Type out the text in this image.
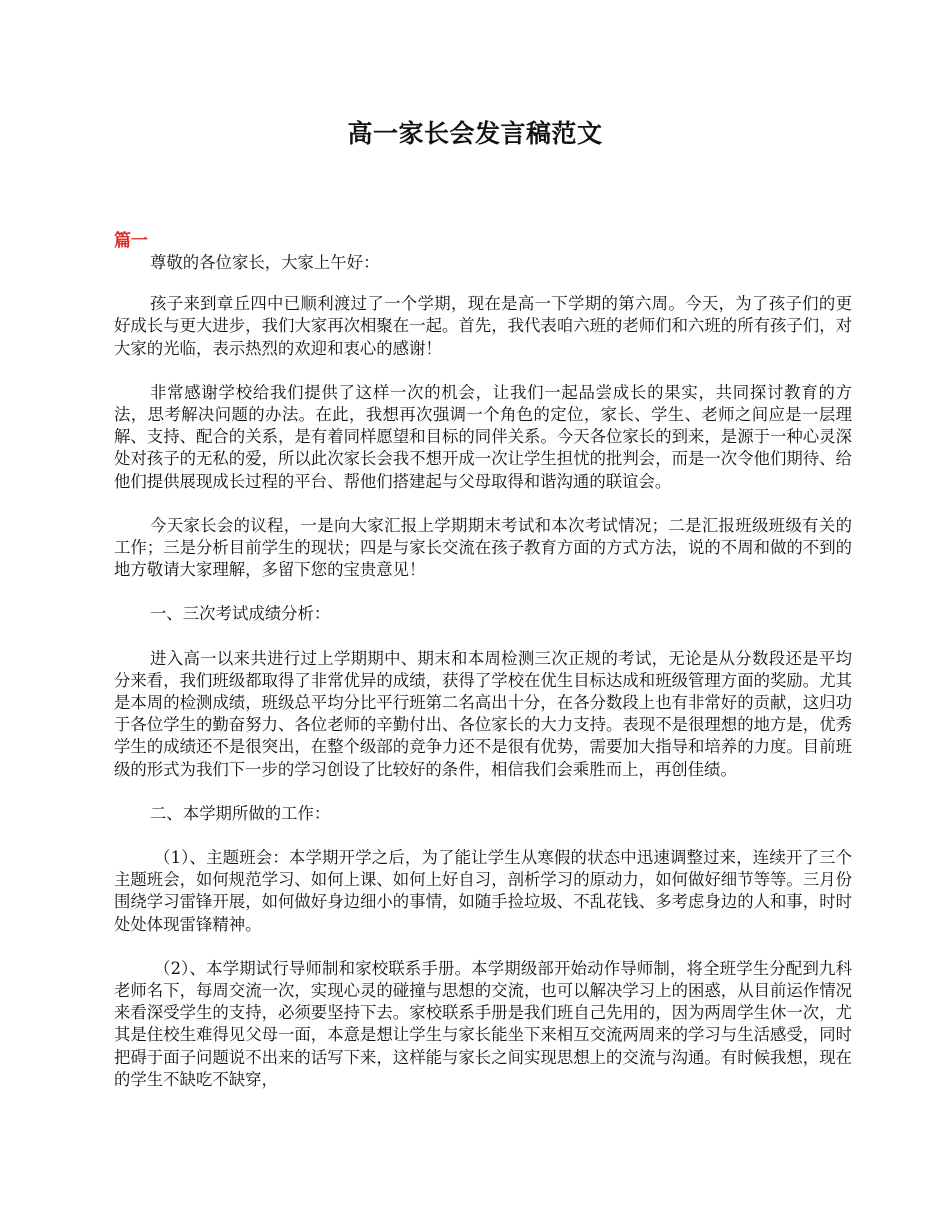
高一家长会发言稿范文

篇一

尊敬的各位家长，大家上午好：

孩子来到章丘四中已顺利渡过了一个学期，现在是高一下学期的第六周。今天，为了孩子们的更好成长与更大进步，我们大家再次相聚在一起。首先，我代表咱六班的老师们和六班的所有孩子们，对大家的光临，表示热烈的欢迎和衷心的感谢！

非常感谢学校给我们提供了这样一次的机会，让我们一起品尝成长的果实，共同探讨教育的方法，思考解决问题的办法。在此，我想再次强调一个角色的定位，家长、学生、老师之间应是一层理解、支持、配合的关系，是有着同样愿望和目标的同伴关系。今天各位家长的到来，是源于一种心灵深处对孩子的无私的爱，所以此次家长会我不想开成一次让学生担忧的批判会，而是一次令他们期待、给他们提供展现成长过程的平台、帮他们搭建起与父母取得和谐沟通的联谊会。

今天家长会的议程，一是向大家汇报上学期期末考试和本次考试情况；二是汇报班级班级有关的工作；三是分析目前学生的现状；四是与家长交流在孩子教育方面的方式方法，说的不周和做的不到的地方敬请大家理解，多留下您的宝贵意见！

一、三次考试成绩分析：

进入高一以来共进行过上学期期中、期末和本周检测三次正规的考试，无论是从分数段还是平均分来看，我们班级都取得了非常优异的成绩，获得了学校在优生目标达成和班级管理方面的奖励。尤其是本周的检测成绩，班级总平均分比平行班第二名高出十分，在各分数段上也有非常好的贡献，这归功于各位学生的勤奋努力、各位老师的辛勤付出、各位家长的大力支持。表现不是很理想的地方是，优秀学生的成绩还不是很突出，在整个级部的竞争力还不是很有优势，需要加大指导和培养的力度。目前班级的形式为我们下一步的学习创设了比较好的条件，相信我们会乘胜而上，再创佳绩。

二、本学期所做的工作：

（1）、主题班会：本学期开学之后，为了能让学生从寒假的状态中迅速调整过来，连续开了三个主题班会，如何规范学习、如何上课、如何上好自习，剖析学习的原动力，如何做好细节等等。三月份围绕学习雷锋开展，如何做好身边细小的事情，如随手捡垃圾、不乱花钱、多考虑身边的人和事，时时处处体现雷锋精神。

（2）、本学期试行导师制和家校联系手册。本学期级部开始动作导师制，将全班学生分配到九科老师名下，每周交流一次，实现心灵的碰撞与思想的交流，也可以解决学习上的困惑，从目前运作情况来看深受学生的支持，必须要坚持下去。家校联系手册是我们班自己先用的，因为两周学生休一次，尤其是住校生难得见父母一面，本意是想让学生与家长能坐下来相互交流两周来的学习与生活感受，同时把碍于面子问题说不出来的话写下来，这样能与家长之间实现思想上的交流与沟通。有时候我想，现在的学生不缺吃不缺穿，
